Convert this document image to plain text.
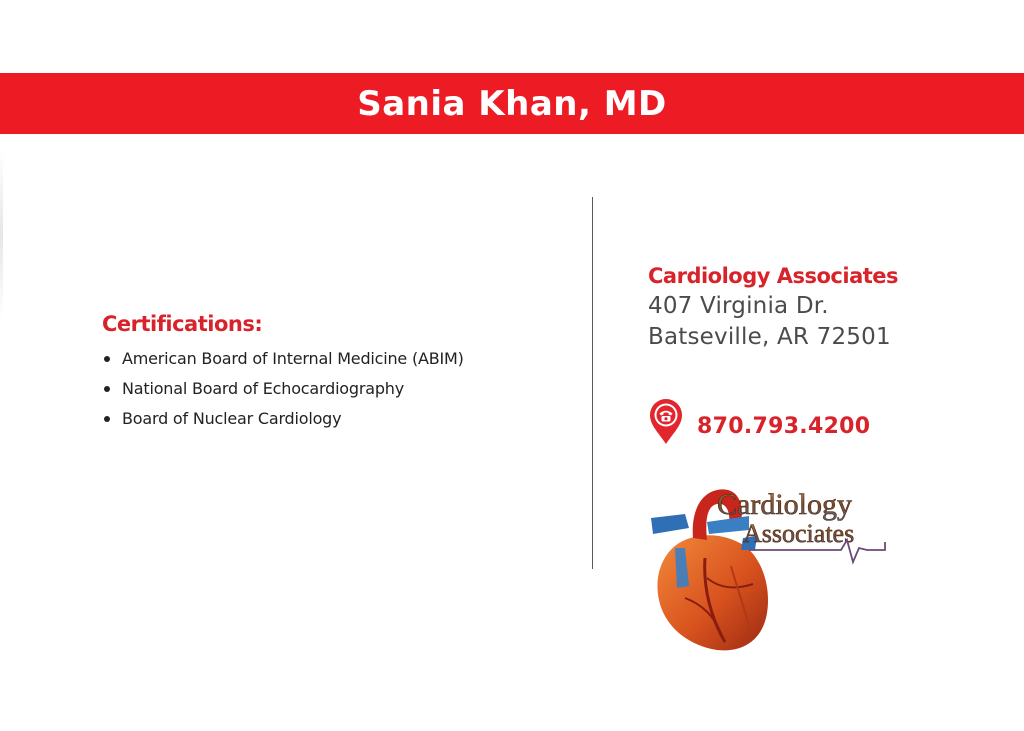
Sania Khan, MD
Certifications:
American Board of Internal Medicine (ABIM)
National Board of Echocardiography
Board of Nuclear Cardiology
Cardiology Associates
407 Virginia Dr.
Batseville, AR 72501
870.793.4200
Cardiology
Associates
